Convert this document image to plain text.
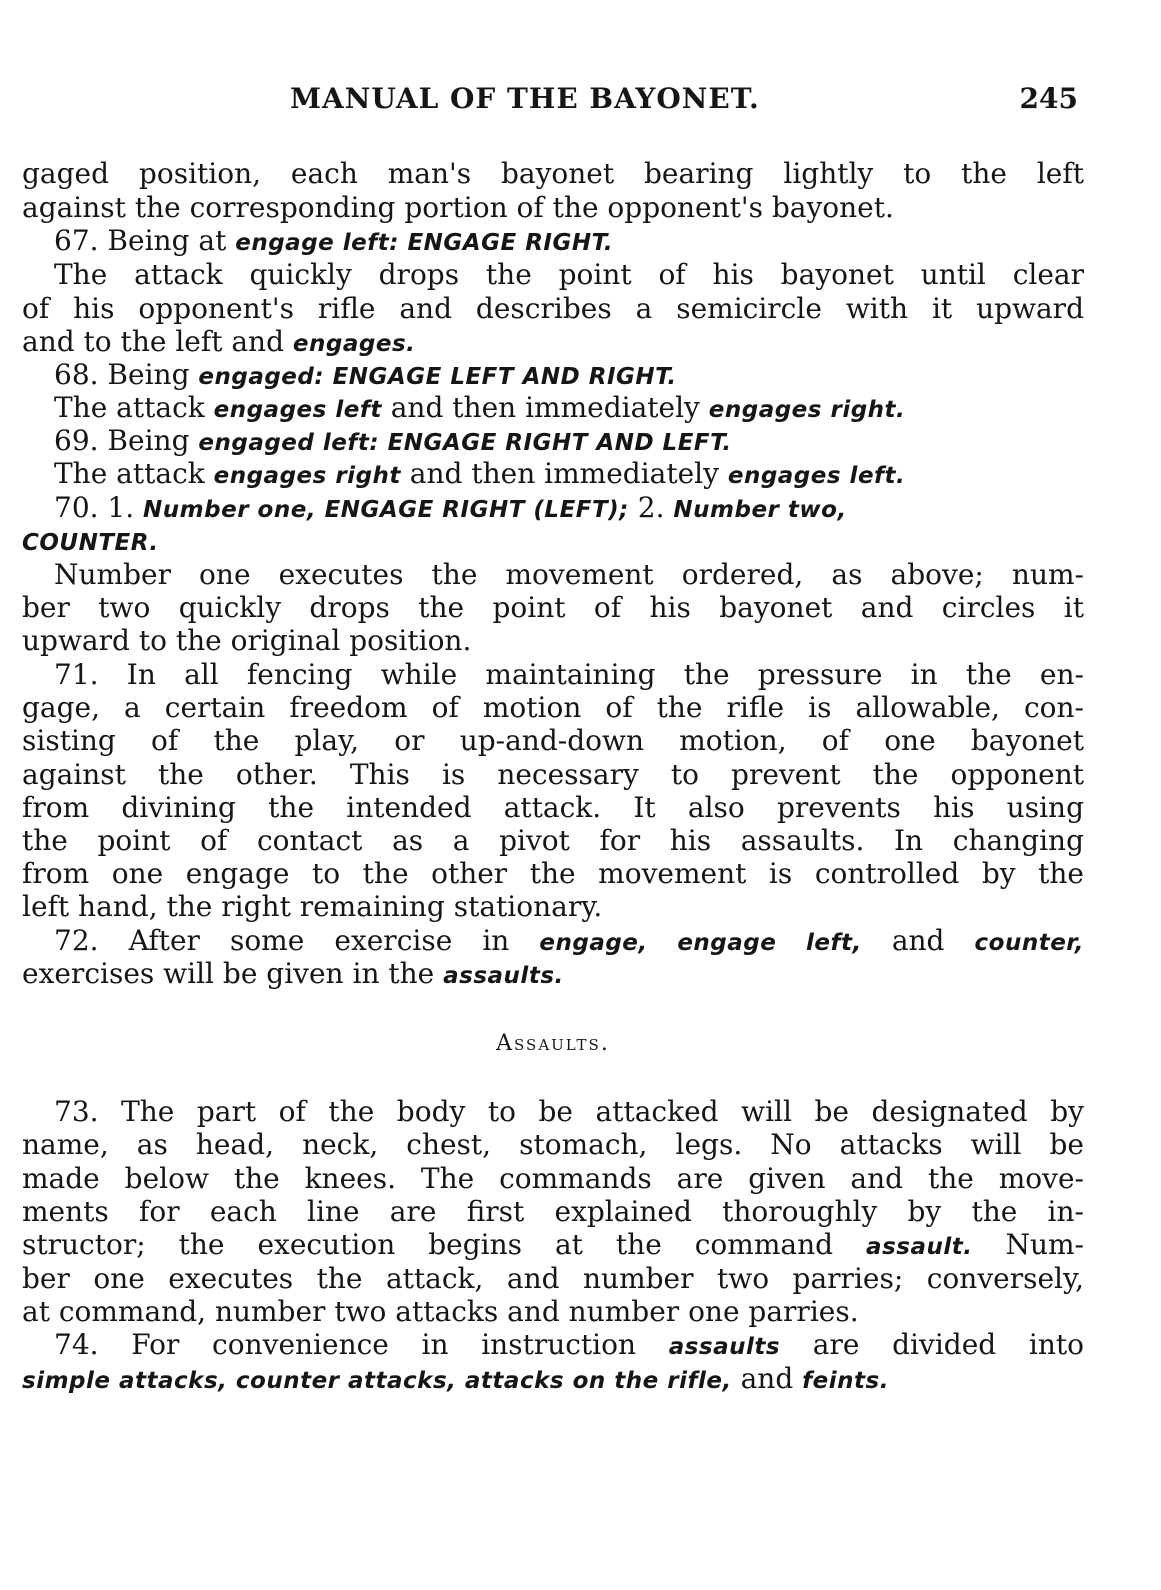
MANUAL OF THE BAYONET.	245
gaged position, each man's bayonet bearing lightly to the left
against the corresponding portion of the opponent's bayonet.
67. Being at engage left: ENGAGE RIGHT.
The attack quickly drops the point of his bayonet until clear
of his opponent's rifle and describes a semicircle with it upward
and to the left and engages.
68. Being engaged: ENGAGE LEFT AND RIGHT.
The attack engages left and then immediately engages right.
69. Being engaged left: ENGAGE RIGHT AND LEFT.
The attack engages right and then immediately engages left.
70. 1. Number one, ENGAGE RIGHT (LEFT); 2. Number two,
COUNTER.
Number one executes the movement ordered, as above; num-
ber two quickly drops the point of his bayonet and circles it
upward to the original position.
71. In all fencing while maintaining the pressure in the en-
gage, a certain freedom of motion of the rifle is allowable, con-
sisting of the play, or up-and-down motion, of one bayonet
against the other. This is necessary to prevent the opponent
from divining the intended attack. It also prevents his using
the point of contact as a pivot for his assaults. In changing
from one engage to the other the movement is controlled by the
left hand, the right remaining stationary.
72. After some exercise in engage, engage left, and counter,
exercises will be given in the assaults.
Assaults.
73. The part of the body to be attacked will be designated by
name, as head, neck, chest, stomach, legs. No attacks will be
made below the knees. The commands are given and the move-
ments for each line are first explained thoroughly by the in-
structor; the execution begins at the command assault. Num-
ber one executes the attack, and number two parries; conversely,
at command, number two attacks and number one parries.
74. For convenience in instruction assaults are divided into
simple attacks, counter attacks, attacks on the rifle, and feints.
